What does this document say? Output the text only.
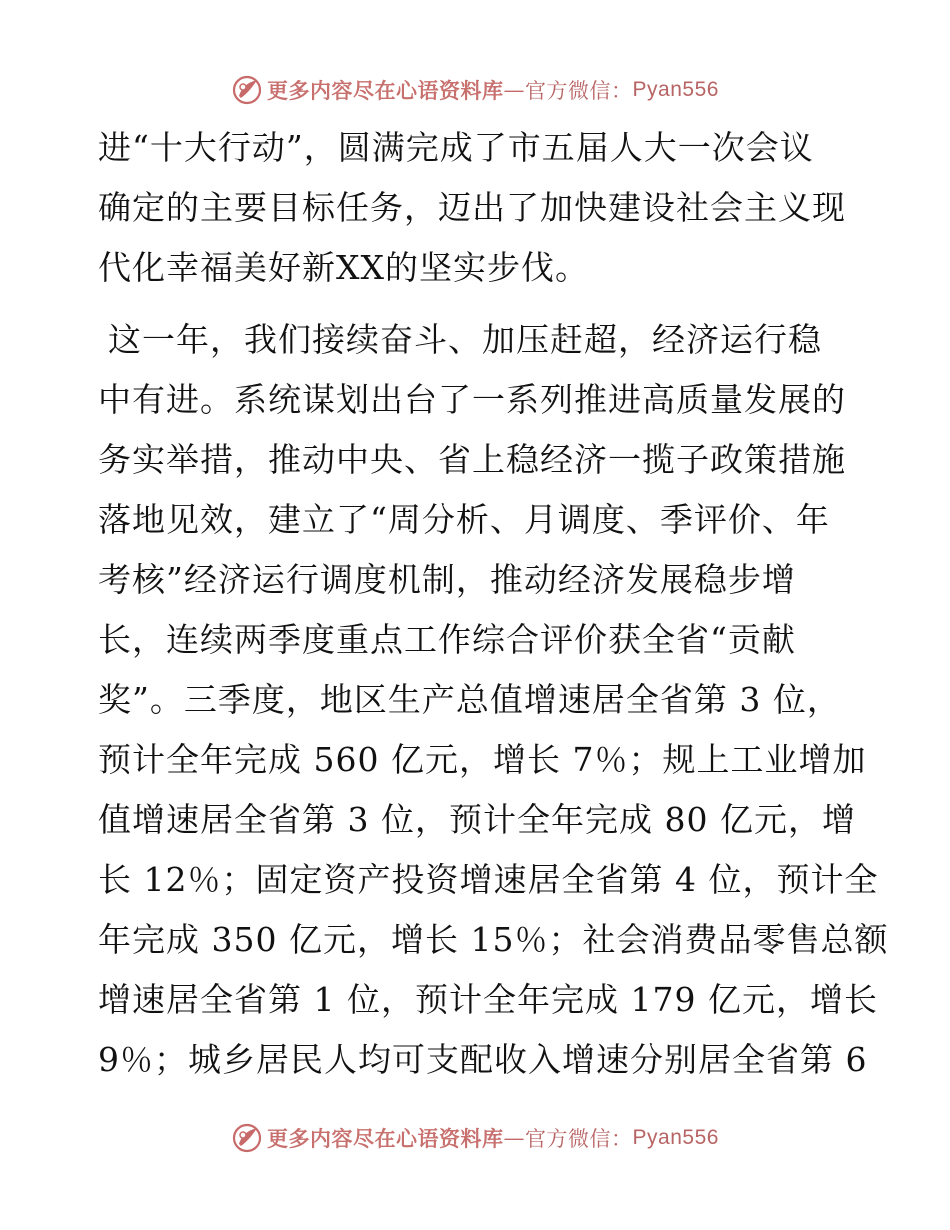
更多内容尽在心语资料库 — 官方微信： Pyan556
进“十大行动”，圆满完成了市五届人大一次会议
确定的主要目标任务，迈出了加快建设社会主义现
代化幸福美好新XX的坚实步伐。
这一年，我们接续奋斗、加压赶超，经济运行稳
中有进。系统谋划出台了一系列推进高质量发展的
务实举措，推动中央、省上稳经济一揽子政策措施
落地见效，建立了“周分析、月调度、季评价、年
考核”经济运行调度机制，推动经济发展稳步增
长，连续两季度重点工作综合评价获全省“贡献
奖”。三季度，地区生产总值增速居全省第 3 位，
预计全年完成 560 亿元，增长 7％；规上工业增加
值增速居全省第 3 位，预计全年完成 80 亿元，增
长 12％；固定资产投资增速居全省第 4 位，预计全
年完成 350 亿元，增长 15％；社会消费品零售总额
增速居全省第 1 位，预计全年完成 179 亿元，增长
9％；城乡居民人均可支配收入增速分别居全省第 6
更多内容尽在心语资料库 — 官方微信： Pyan556
